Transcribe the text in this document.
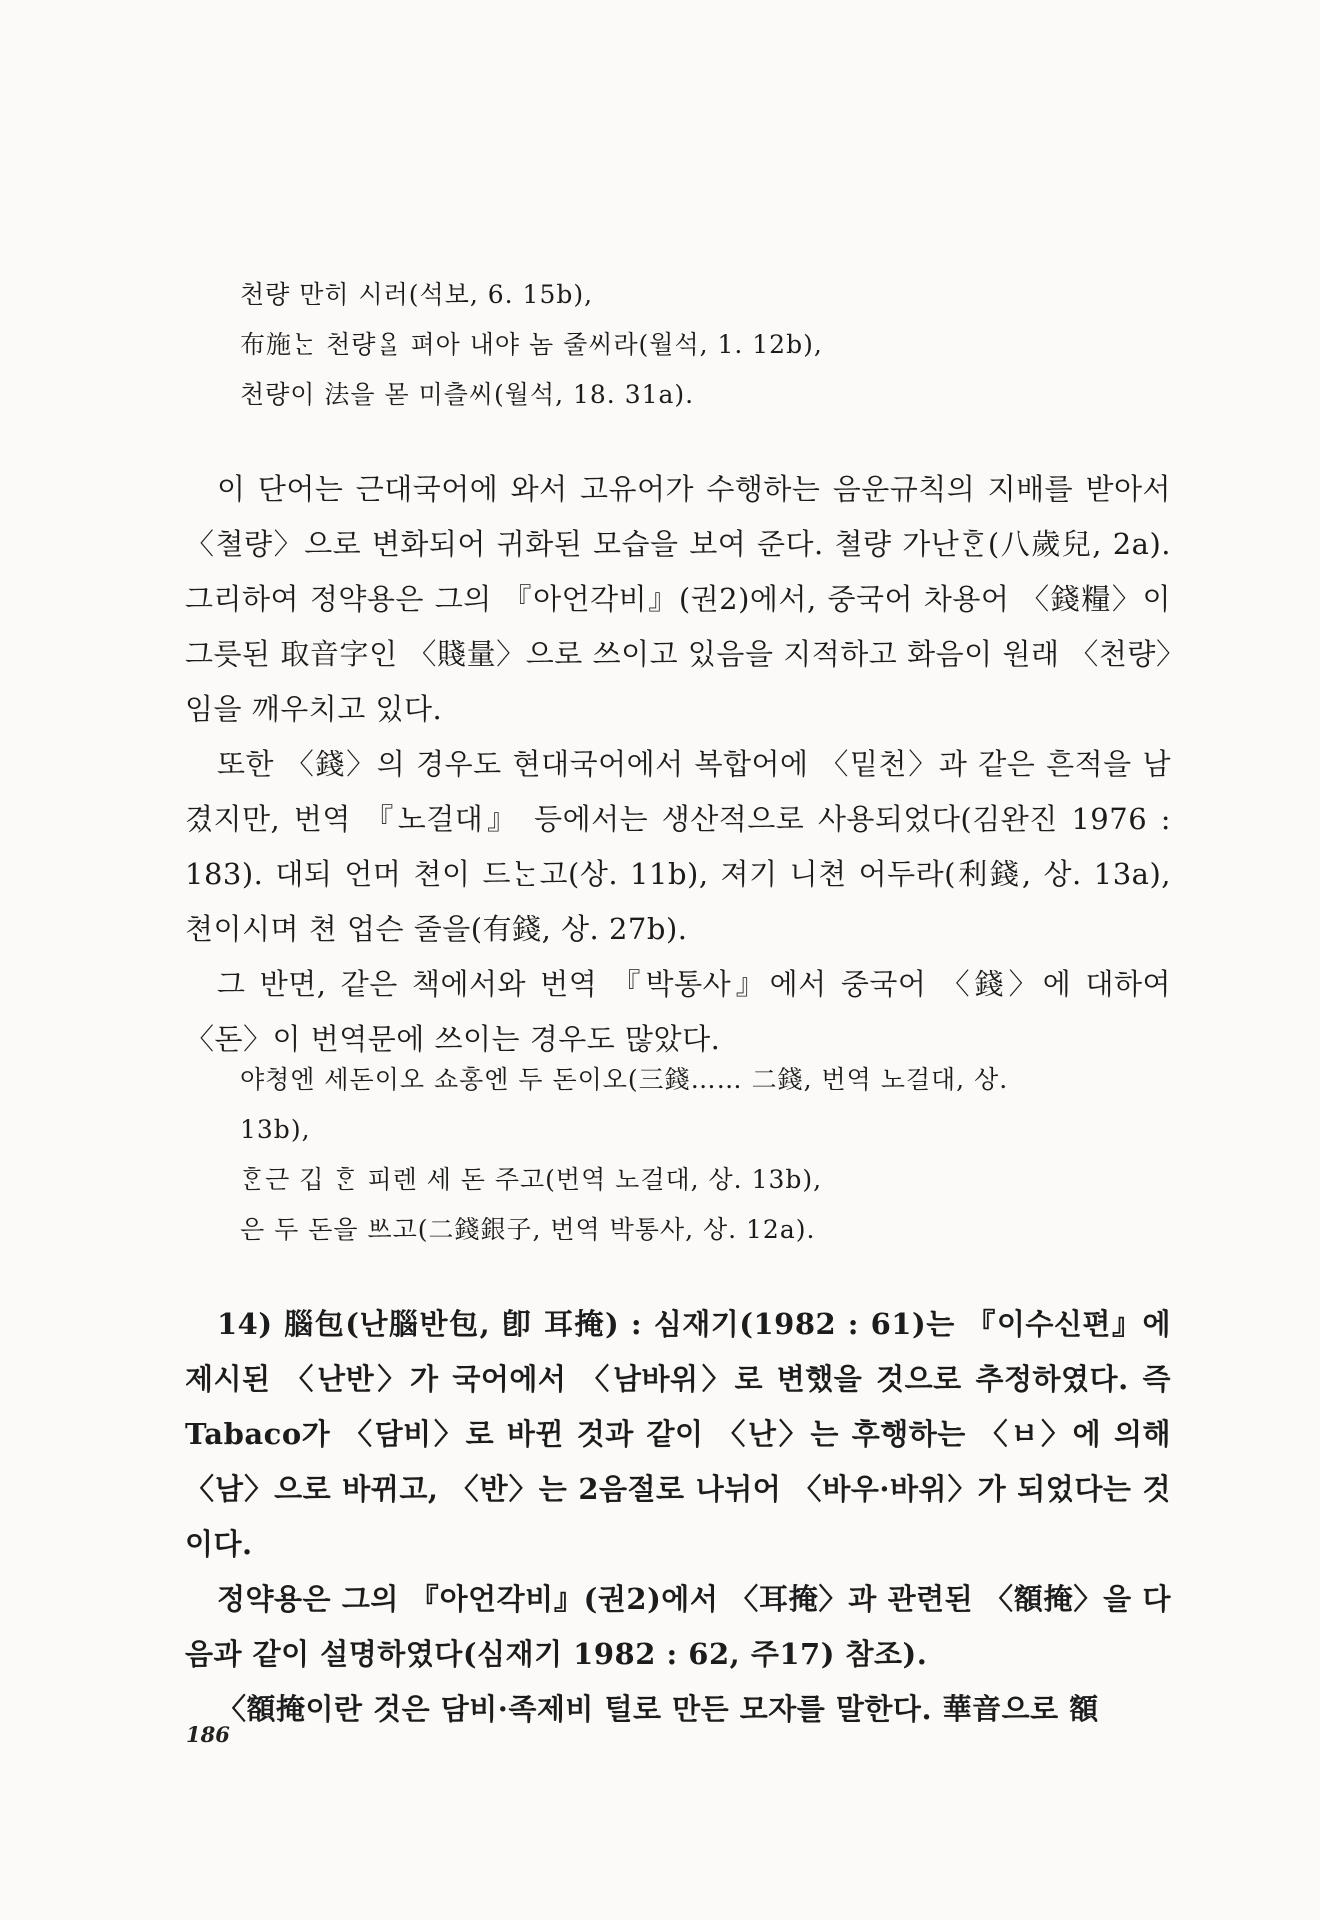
천량 만히 시러(석보, 6. 15b),

布施ᄂᆞᆫ 천량ᄋᆞᆯ 펴아 내야 놈 줄씨라(월석, 1. 12b),

천량이 法을 몯 미츨씨(월석, 18. 31a).

이 단어는 근대국어에 와서 고유어가 수행하는 음운규칙의 지배를 받아서 〈쳘량〉으로 변화되어 귀화된 모습을 보여 준다. 쳘량 가난ᄒᆞᆫ(八歲兒, 2a). 그리하여 정약용은 그의 『아언각비』(권2)에서, 중국어 차용어 〈錢糧〉이 그릇된 取音字인 〈賤量〉으로 쓰이고 있음을 지적하고 화음이 원래 〈천량〉임을 깨우치고 있다.

또한 〈錢〉의 경우도 현대국어에서 복합어에 〈밑천〉과 같은 흔적을 남겼지만, 번역 『노걸대』 등에서는 생산적으로 사용되었다(김완진 1976 : 183). 대되 언머 쳔이 드ᄂᆞᆫ고(상. 11b), 져기 니쳔 어두라(利錢, 상. 13a), 쳔이시며 쳔 업슨 줄을(有錢, 상. 27b).

그 반면, 같은 책에서와 번역 『박통사』에서 중국어 〈錢〉에 대하여 〈돈〉이 번역문에 쓰이는 경우도 많았다.

야쳥엔 세돈이오 쇼홍엔 두 돈이오(三錢…… 二錢, 번역 노걸대, 상.

13b),

ᄒᆞᆫ근 깁 ᄒᆞᆫ 피렌 세 돈 주고(번역 노걸대, 상. 13b),

은 두 돈을 ᄡᅳ고(二錢銀子, 번역 박통사, 상. 12a).

14) 腦包(난腦반包, 卽 耳掩) : 심재기(1982 : 61)는 『이수신편』에 제시된 〈난반〉가 국어에서 〈남바위〉로 변했을 것으로 추정하였다. 즉 Tabaco가 〈담비〉로 바뀐 것과 같이 〈난〉는 후행하는 〈ㅂ〉에 의해 〈남〉으로 바뀌고, 〈반〉는 2음절로 나뉘어 〈바우·바위〉가 되었다는 것이다.

정약용은 그의 『아언각비』(권2)에서 〈耳掩〉과 관련된 〈額掩〉을 다음과 같이 설명하였다(심재기 1982 : 62, 주17) 참조).

〈額掩이란 것은 담비·족제비 털로 만든 모자를 말한다. 華音으로 額

186
